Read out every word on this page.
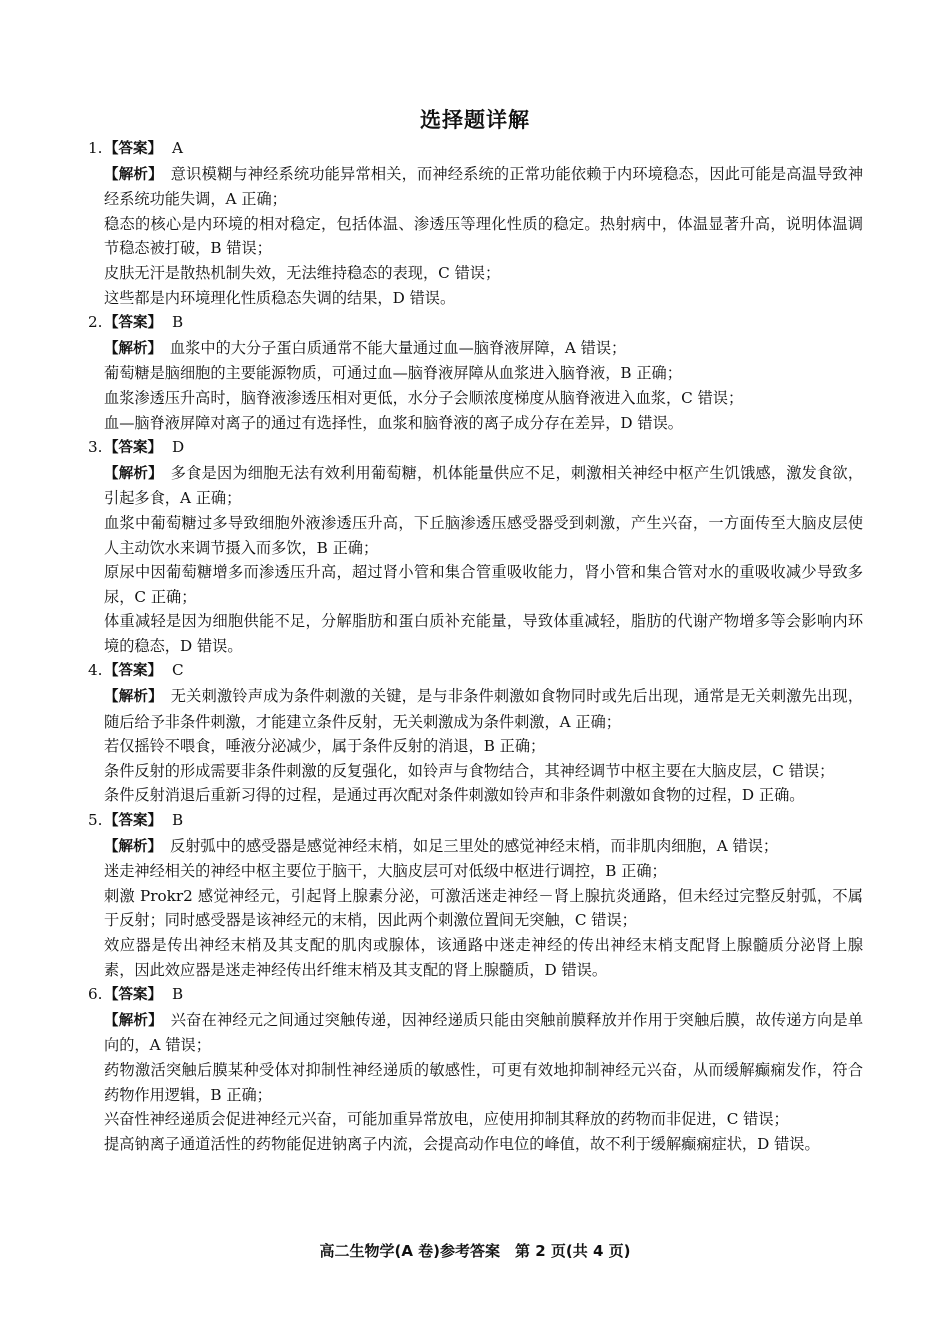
选择题详解
1. 【答案】 A

【解析】 意识模糊与神经系统功能异常相关，而神经系统的正常功能依赖于内环境稳态，因此可能是高温导致神经系统功能失调，A 正确；

稳态的核心是内环境的相对稳定，包括体温、渗透压等理化性质的稳定。热射病中，体温显著升高，说明体温调节稳态被打破，B 错误；

皮肤无汗是散热机制失效，无法维持稳态的表现，C 错误；

这些都是内环境理化性质稳态失调的结果，D 错误。

2. 【答案】 B

【解析】 血浆中的大分子蛋白质通常不能大量通过血—脑脊液屏障，A 错误；

葡萄糖是脑细胞的主要能源物质，可通过血—脑脊液屏障从血浆进入脑脊液，B 正确；

血浆渗透压升高时，脑脊液渗透压相对更低，水分子会顺浓度梯度从脑脊液进入血浆，C 错误；

血—脑脊液屏障对离子的通过有选择性，血浆和脑脊液的离子成分存在差异，D 错误。

3. 【答案】 D

【解析】 多食是因为细胞无法有效利用葡萄糖，机体能量供应不足，刺激相关神经中枢产生饥饿感，激发食欲，引起多食，A 正确；

血浆中葡萄糖过多导致细胞外液渗透压升高，下丘脑渗透压感受器受到刺激，产生兴奋，一方面传至大脑皮层使人主动饮水来调节摄入而多饮，B 正确；

原尿中因葡萄糖增多而渗透压升高，超过肾小管和集合管重吸收能力，肾小管和集合管对水的重吸收减少导致多尿，C 正确；

体重减轻是因为细胞供能不足，分解脂肪和蛋白质补充能量，导致体重减轻，脂肪的代谢产物增多等会影响内环境的稳态，D 错误。

4. 【答案】 C

【解析】 无关刺激铃声成为条件刺激的关键，是与非条件刺激如食物同时或先后出现，通常是无关刺激先出现，随后给予非条件刺激，才能建立条件反射，无关刺激成为条件刺激，A 正确；

若仅摇铃不喂食，唾液分泌减少，属于条件反射的消退，B 正确；

条件反射的形成需要非条件刺激的反复强化，如铃声与食物结合，其神经调节中枢主要在大脑皮层，C 错误；

条件反射消退后重新习得的过程，是通过再次配对条件刺激如铃声和非条件刺激如食物的过程，D 正确。

5. 【答案】 B

【解析】 反射弧中的感受器是感觉神经末梢，如足三里处的感觉神经末梢，而非肌肉细胞，A 错误；

迷走神经相关的神经中枢主要位于脑干，大脑皮层可对低级中枢进行调控，B 正确；

刺激 Prokr2 感觉神经元，引起肾上腺素分泌，可激活迷走神经－肾上腺抗炎通路，但未经过完整反射弧，不属于反射；同时感受器是该神经元的末梢，因此两个刺激位置间无突触，C 错误；

效应器是传出神经末梢及其支配的肌肉或腺体，该通路中迷走神经的传出神经末梢支配肾上腺髓质分泌肾上腺素，因此效应器是迷走神经传出纤维末梢及其支配的肾上腺髓质，D 错误。

6. 【答案】 B

【解析】 兴奋在神经元之间通过突触传递，因神经递质只能由突触前膜释放并作用于突触后膜，故传递方向是单向的，A 错误；

药物激活突触后膜某种受体对抑制性神经递质的敏感性，可更有效地抑制神经元兴奋，从而缓解癫痫发作，符合药物作用逻辑，B 正确；

兴奋性神经递质会促进神经元兴奋，可能加重异常放电，应使用抑制其释放的药物而非促进，C 错误；

提高钠离子通道活性的药物能促进钠离子内流，会提高动作电位的峰值，故不利于缓解癫痫症状，D 错误。

高二生物学(A 卷)参考答案　第 2 页(共 4 页)
